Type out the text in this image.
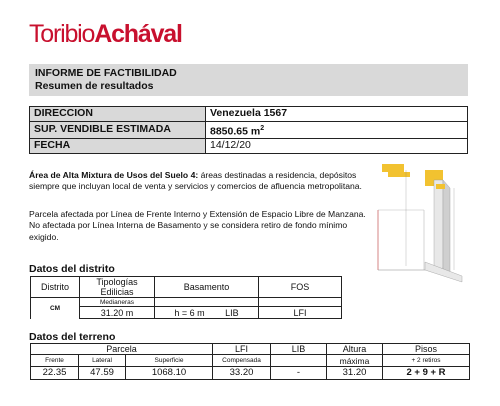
ToribioAchával
INFORME DE FACTIBILIDAD
Resumen de resultados
DIRECCION	Venezuela 1567
SUP. VENDIBLE ESTIMADA	8850.65 $m^2$
FECHA	14/12/20
Área de Alta Mixtura de Usos del Suelo 4: áreas destinadas a residencia, depósitos siempre que incluyan local de venta y servicios y comercios de afluencia metropolitana.
Parcela afectada por Línea de Frente Interno y Extensión de Espacio Libre de Manzana. No afectada por Línea Interna de Basamento y se considera retiro de fondo mínimo exigido.
Datos del distrito
Distrito	Tipologías Edilicias	Basamento	FOS
CM	Medianeras		
	31.20 m	h = 6 m LIB	LFI
Datos del terreno
Parcela			LFI	LIB	Altura	Pisos
Frente	Lateral	Superficie	Compensada		máxima	+ 2 retiros
22.35	47.59	1068.10	33.20	-	31.20	2 + 9 + R
